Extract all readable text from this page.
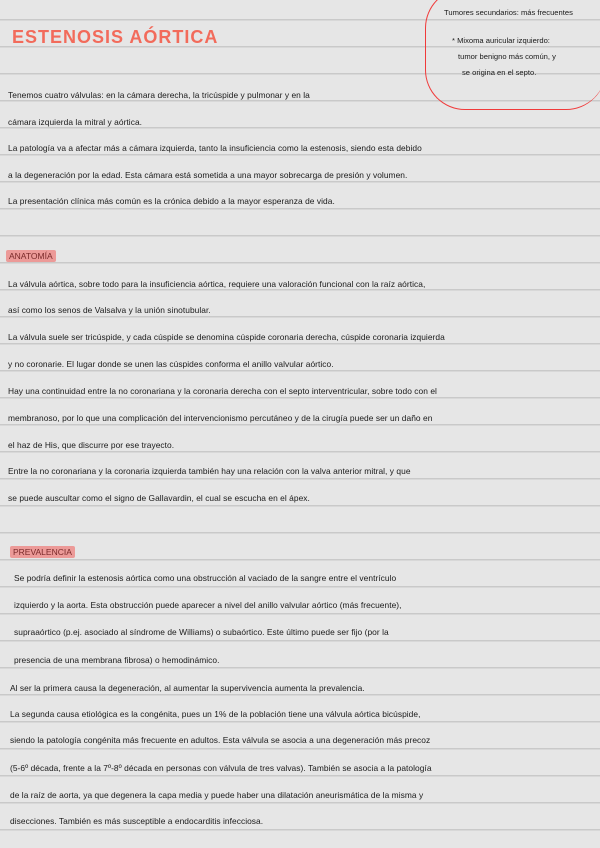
ESTENOSIS AÓRTICA
Tumores secundarios: más frecuentes
* Mixoma auricular izquierdo:
tumor benigno más común, y
se origina en el septo.
Tenemos cuatro válvulas: en la cámara derecha, la tricúspide y pulmonar y en la
cámara izquierda la mitral y aórtica.
La patología va a afectar más a cámara izquierda, tanto la insuficiencia como la estenosis, siendo esta debido
a la degeneración por la edad. Esta cámara está sometida a una mayor sobrecarga de presión y volumen.
La presentación clínica más común es la crónica debido a la mayor esperanza de vida.
ANATOMÍA
La válvula aórtica, sobre todo para la insuficiencia aórtica, requiere una valoración funcional con la raíz aórtica,
así como los senos de Valsalva y la unión sinotubular.
La válvula suele ser tricúspide, y cada cúspide se denomina cúspide coronaria derecha, cúspide coronaria izquierda
y no coronarie. El lugar donde se unen las cúspides conforma el anillo valvular aórtico.
Hay una continuidad entre la no coronariana y la coronaria derecha con el septo interventricular, sobre todo con el
membranoso, por lo que una complicación del intervencionismo percutáneo y de la cirugía puede ser un daño en
el haz de His, que discurre por ese trayecto.
Entre la no coronariana y la coronaria izquierda también hay una relación con la valva anterior mitral, y que
se puede auscultar como el signo de Gallavardin, el cual se escucha en el ápex.
PREVALENCIA
Se podría definir la estenosis aórtica como una obstrucción al vaciado de la sangre entre el ventrículo
izquierdo y la aorta. Esta obstrucción puede aparecer a nivel del anillo valvular aórtico (más frecuente),
supraaórtico (p.ej. asociado al síndrome de Williams) o subaórtico. Este último puede ser fijo (por la
presencia de una membrana fibrosa) o hemodinámico.
Al ser la primera causa la degeneración, al aumentar la supervivencia aumenta la prevalencia.
La segunda causa etiológica es la congénita, pues un 1% de la población tiene una válvula aórtica bicúspide,
siendo la patología congénita más frecuente en adultos. Esta válvula se asocia a una degeneración más precoz
(5-6º década, frente a la 7º-8º década en personas con válvula de tres valvas). También se asocia a la patología
de la raíz de aorta, ya que degenera la capa media y puede haber una dilatación aneurismática de la misma y
disecciones. También es más susceptible a endocarditis infecciosa.
